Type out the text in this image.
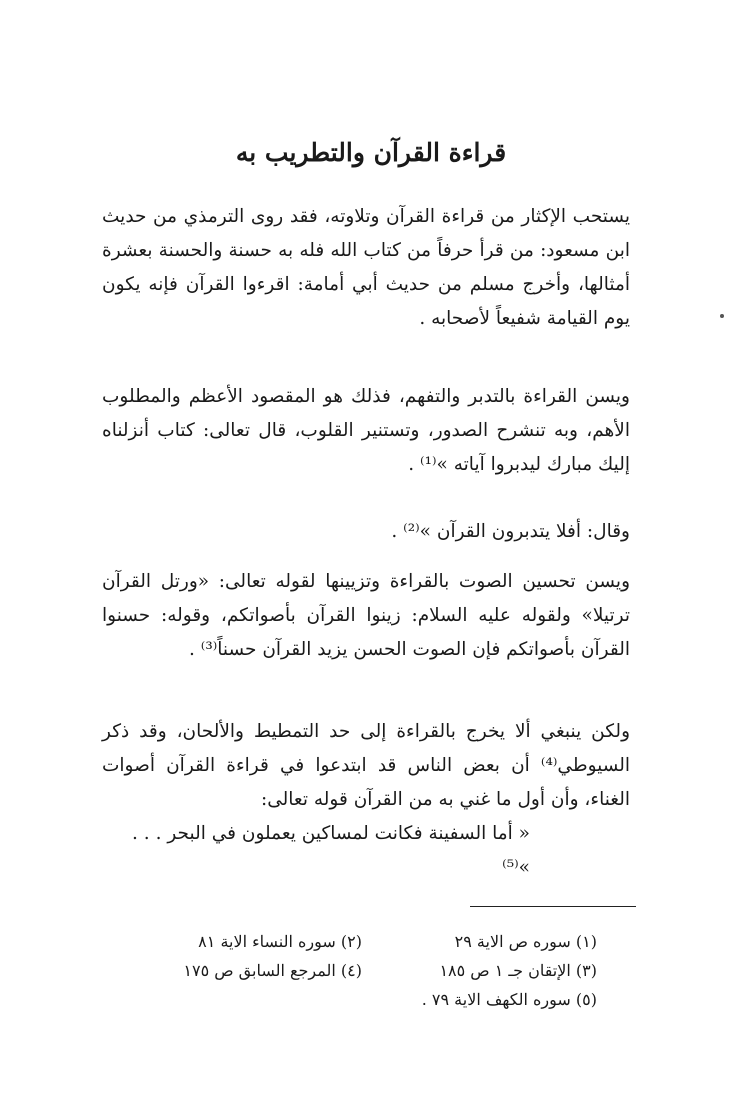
قراءة القرآن والتطريب به
يستحب الإكثار من قراءة القرآن وتلاوته، فقد روى الترمذي من حديث ابن مسعود: من قرأ حرفاً من كتاب الله فله به حسنة والحسنة بعشرة أمثالها، وأخرج مسلم من حديث أبي أمامة: اقرءوا القرآن فإنه يكون يوم القيامة شفيعاً لأصحابه .
ويسن القراءة بالتدبر والتفهم، فذلك هو المقصود الأعظم والمطلوب الأهم، وبه تنشرح الصدور، وتستنير القلوب، قال تعالى: كتاب أنزلناه إليك مبارك ليدبروا آياته »⁽¹⁾ .
وقال: أفلا يتدبرون القرآن »⁽²⁾ .
ويسن تحسين الصوت بالقراءة وتزيينها لقوله تعالى: «ورتل القرآن ترتيلا» ولقوله عليه السلام: زينوا القرآن بأصواتكم، وقوله: حسنوا القرآن بأصواتكم فإن الصوت الحسن يزيد القرآن حسناً⁽³⁾ .
ولكن ينبغي ألا يخرج بالقراءة إلى حد التمطيط والألحان، وقد ذكر السيوطي⁽⁴⁾ أن بعض الناس قد ابتدعوا في قراءة القرآن أصوات الغناء، وأن أول ما غني به من القرآن قوله تعالى:
« أما السفينة فكانت لمساكين يعملون في البحر . . . »⁽⁵⁾
(١) سوره ص الاية ٢٩
(٢) سوره النساء الاية ٨١
(٣) الإتقان جـ ١ ص ١٨٥
(٤) المرجع السابق ص ١٧٥
(٥) سوره الكهف الاية ٧٩ .
